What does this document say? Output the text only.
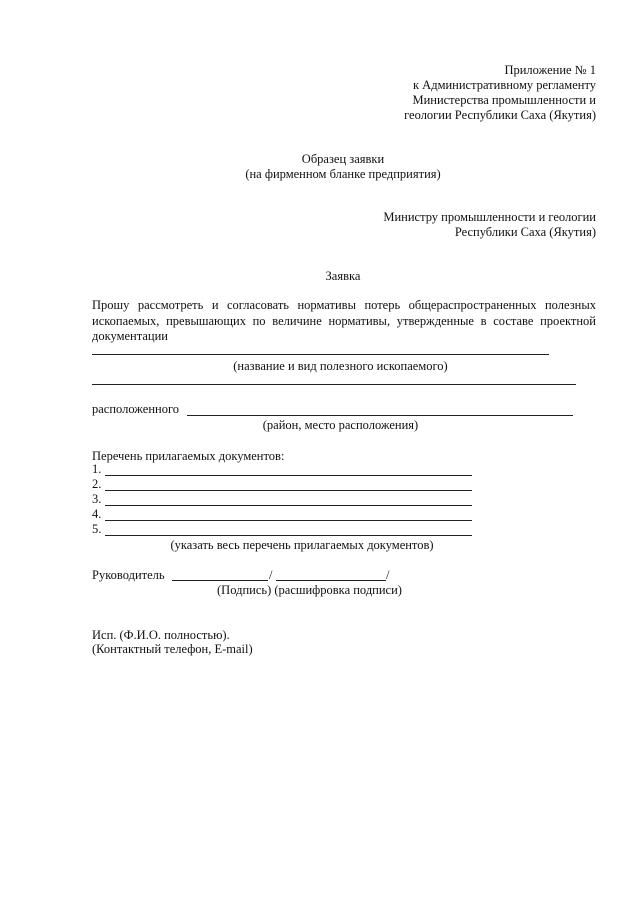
Приложение № 1
к Административному регламенту
Министерства промышленности и
геологии Республики Саха (Якутия)
Образец заявки
(на фирменном бланке предприятия)
Министру промышленности и геологии
Республики Саха (Якутия)
Заявка
Прошу рассмотреть и согласовать нормативы потерь общераспространенных полезных ископаемых, превышающих по величине нормативы, утвержденные в составе проектной документации
(название и вид полезного ископаемого)
расположенного
(район, место расположения)
Перечень прилагаемых документов:
1.
2.
3.
4.
5.
(указать весь перечень прилагаемых документов)
Руководитель	/	/
(Подпись) (расшифровка подписи)
Исп. (Ф.И.О. полностью).
(Контактный телефон, E-mail)
